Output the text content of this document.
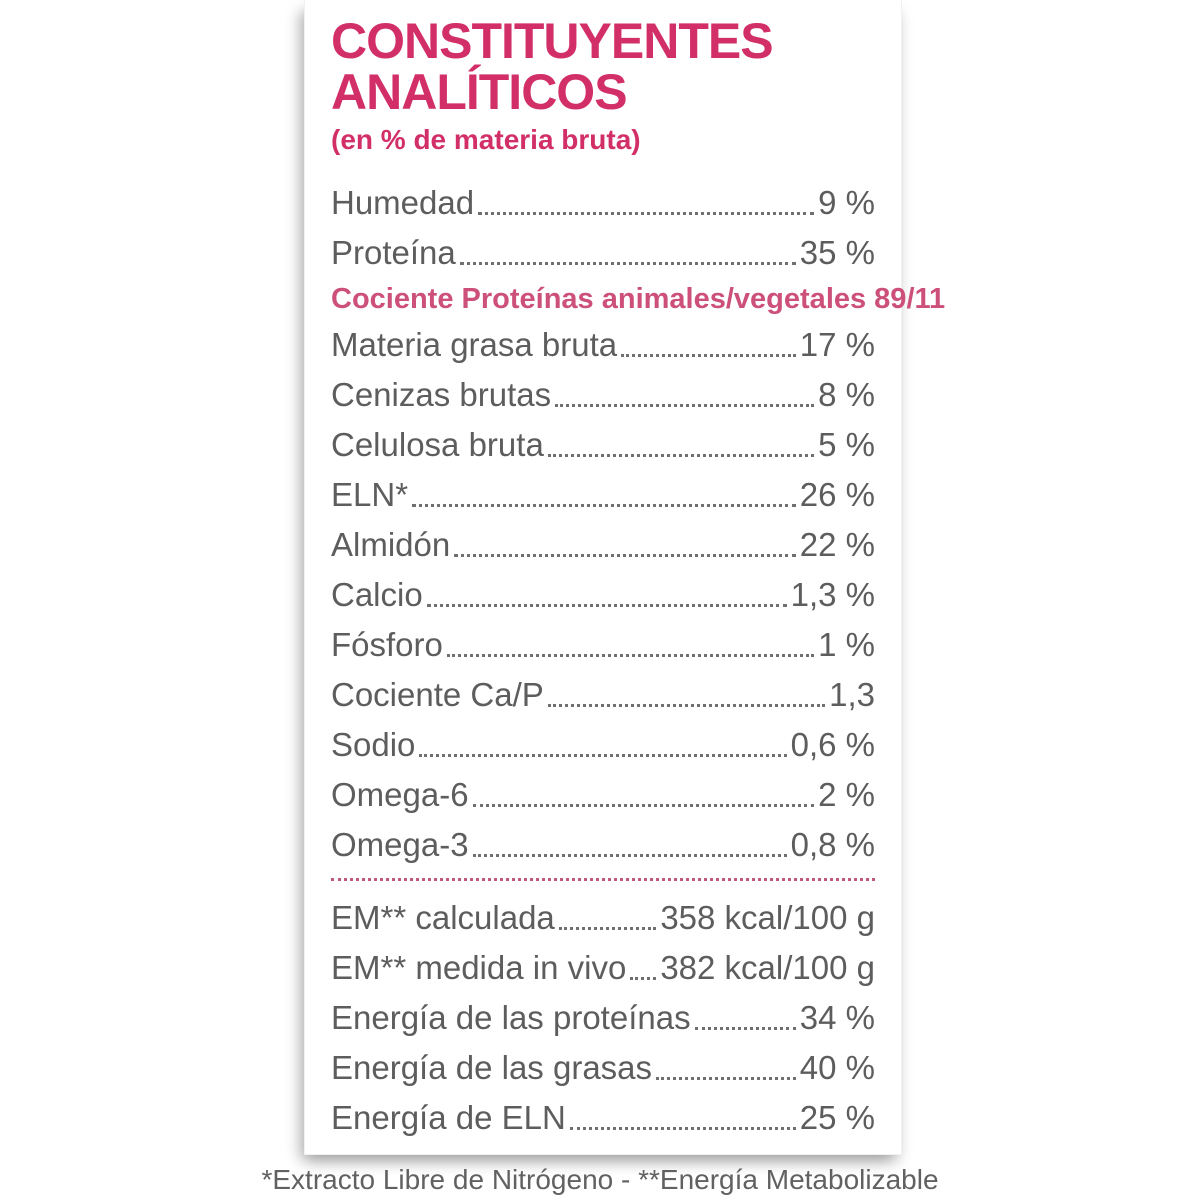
CONSTITUYENTES
ANALÍTICOS
(en % de materia bruta)
Humedad	9 %
Proteína	35 %
Cociente Proteínas animales/vegetales 89/11
Materia grasa bruta	17 %
Cenizas brutas	8 %
Celulosa bruta	5 %
ELN*	26 %
Almidón	22 %
Calcio	1,3 %
Fósforo	1 %
Cociente Ca/P	1,3
Sodio	0,6 %
Omega-6	2 %
Omega-3	0,8 %
EM** calculada	358 kcal/100 g
EM** medida in vivo 382 kcal/100 g
Energía de las proteínas	34 %
Energía de las grasas	40 %
Energía de ELN	25 %
*Extracto Libre de Nitrógeno - **Energía Metabolizable
